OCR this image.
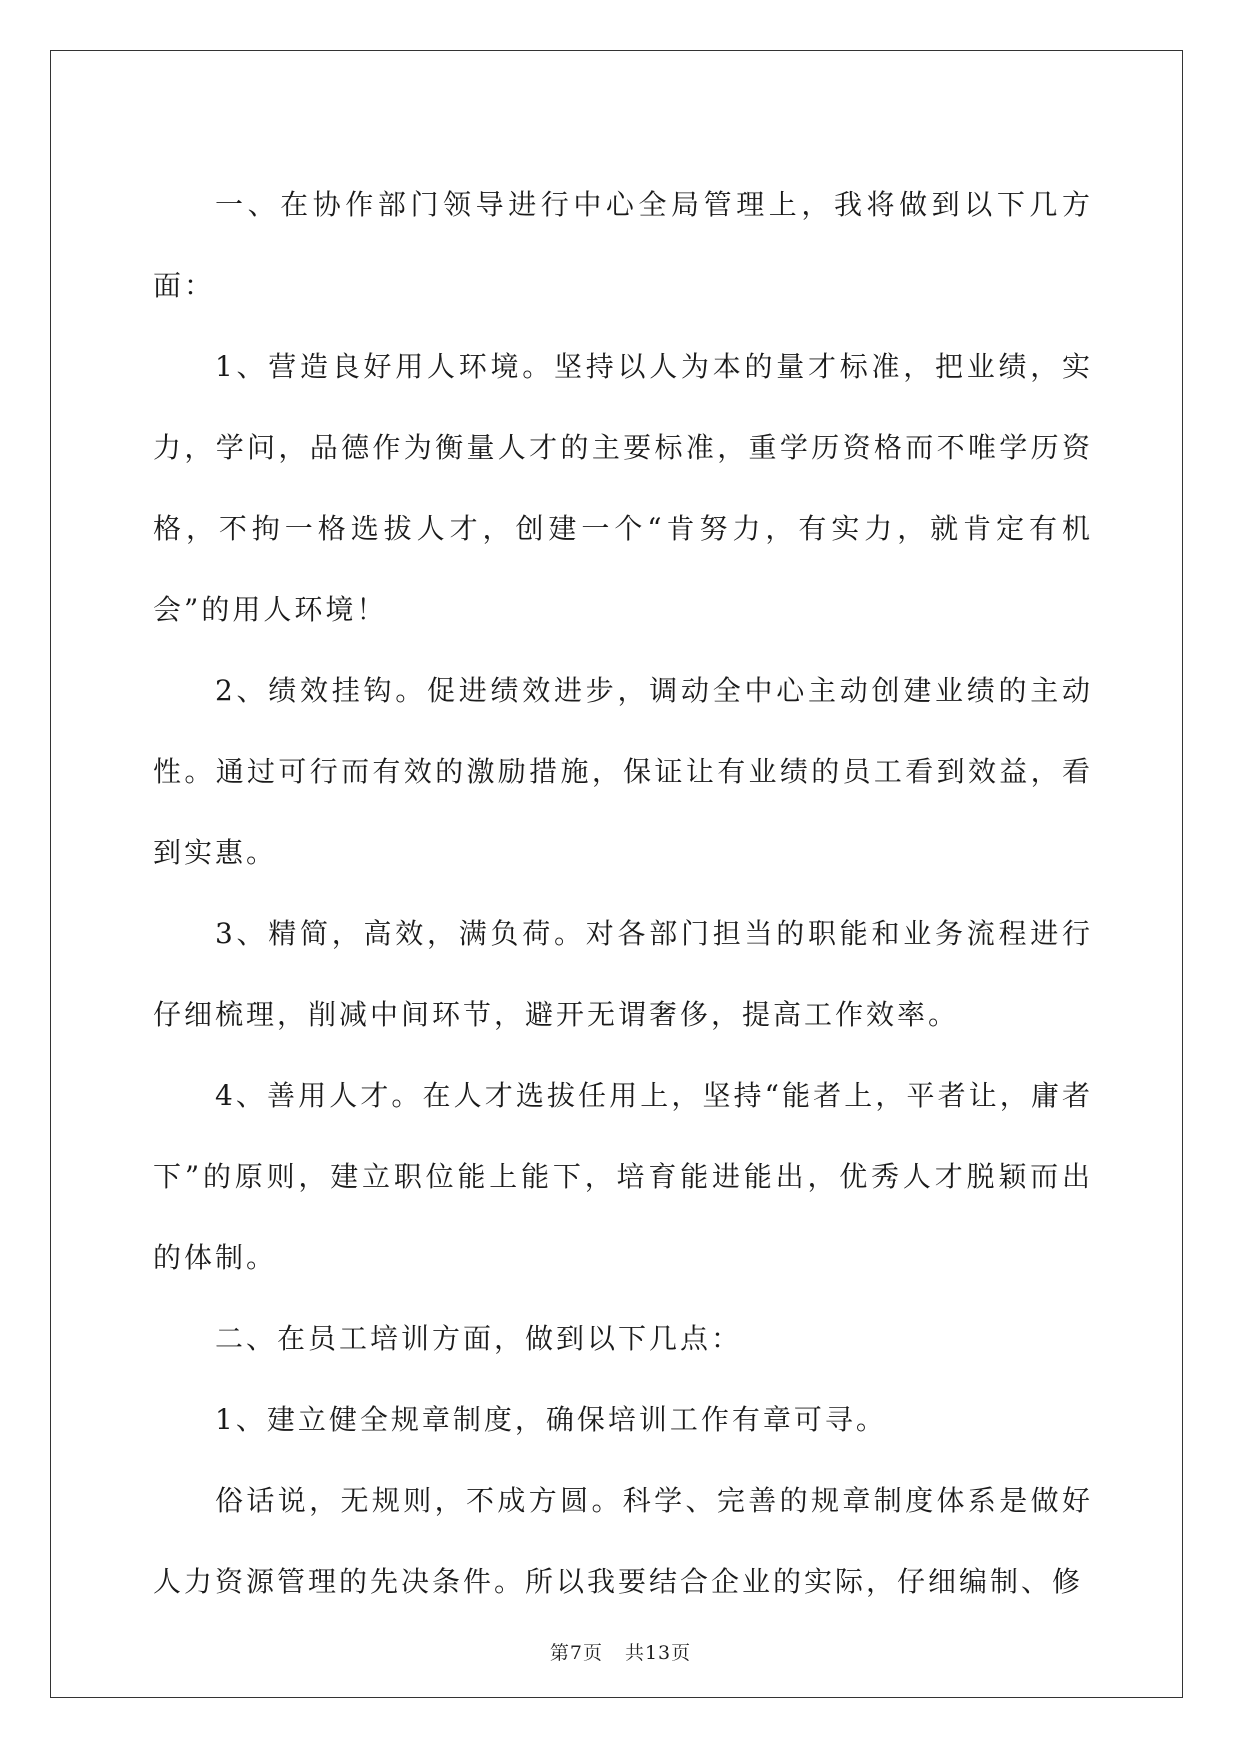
一、在协作部门领导进行中心全局管理上，我将做到以下几方面：

1、营造良好用人环境。坚持以人为本的量才标准，把业绩，实力，学问，品德作为衡量人才的主要标准，重学历资格而不唯学历资格，不拘一格选拔人才，创建一个“肯努力，有实力，就肯定有机会”的用人环境！

2、绩效挂钩。促进绩效进步，调动全中心主动创建业绩的主动性。通过可行而有效的激励措施，保证让有业绩的员工看到效益，看到实惠。

3、精简，高效，满负荷。对各部门担当的职能和业务流程进行仔细梳理，削减中间环节，避开无谓奢侈，提高工作效率。

4、善用人才。在人才选拔任用上，坚持“能者上，平者让，庸者下”的原则，建立职位能上能下，培育能进能出，优秀人才脱颖而出的体制。

二、在员工培训方面，做到以下几点：

1、建立健全规章制度，确保培训工作有章可寻。

俗话说，无规则，不成方圆。科学、完善的规章制度体系是做好人力资源管理的先决条件。所以我要结合企业的实际，仔细编制、修

第7页 共13页
